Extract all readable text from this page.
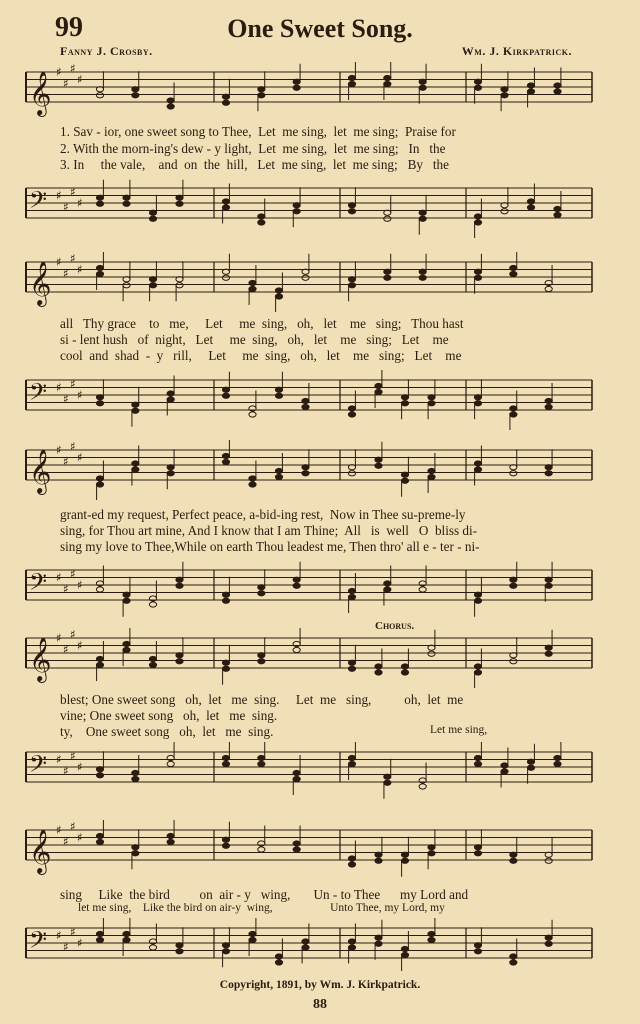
99	One Sweet Song.
Fanny J. Crosby.	Wm. J. Kirkpatrick.
𝄞 ♯
♯
♯
♯
1. Sav - ior, one sweet song to Thee,  Let  me sing,  let  me sing;  Praise for
2. With the morn-ing's dew - y light,  Let  me sing,  let  me sing;   In   the
3. In     the vale,    and  on  the  hill,   Let  me sing,  let  me sing;   By   the
𝄢 ♯
♯
♯
♯
𝄞 ♯
♯
♯
♯
all   Thy grace    to   me,     Let     me  sing,   oh,   let    me   sing;   Thou hast
si - lent hush   of  night,   Let     me  sing,   oh,   let    me   sing;   Let    me
cool  and  shad  -  y   rill,     Let     me  sing,   oh,   let    me   sing;   Let    me
𝄢 ♯
♯
♯
♯
𝄞 ♯
♯
♯
♯
grant-ed my request, Perfect peace, a-bid-ing rest,  Now in Thee su-preme-ly
sing, for Thou art mine, And I know that I am Thine;  All   is  well   O  bliss di-
sing my love to Thee,While on earth Thou leadest me, Then thro' all e - ter - ni-
𝄢 ♯
♯
♯
♯
Chorus.
𝄞 ♯
♯
♯
♯
blest; One sweet song   oh,  let   me  sing.     Let  me   sing,          oh,  let  me
vine; One sweet song   oh,  let   me  sing.
ty,    One sweet song   oh,  let   me  sing.	Let me sing,
𝄢 ♯
♯
♯
♯
𝄞 ♯
♯
♯
♯
sing     Like  the bird         on  air - y   wing,       Un - to Thee      my Lord and
let me sing,    Like the bird on air-y  wing,                    Unto Thee, my Lord, my
𝄢 ♯
♯
♯
♯
Copyright, 1891, by Wm. J. Kirkpatrick.
88
